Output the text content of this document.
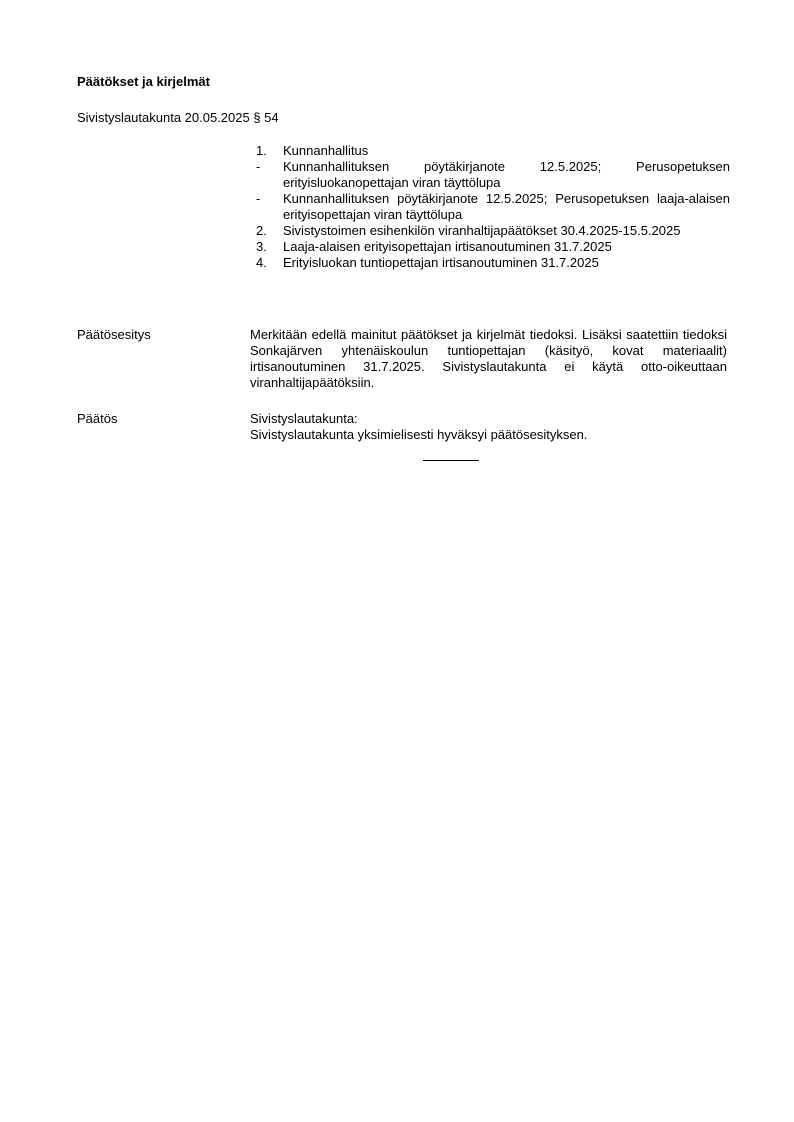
Päätökset ja kirjelmät
Sivistyslautakunta 20.05.2025 § 54
1. Kunnanhallitus
- Kunnanhallituksen pöytäkirjanote 12.5.2025; Perusopetuksen erityisluokanopettajan viran täyttölupa
- Kunnanhallituksen pöytäkirjanote 12.5.2025; Perusopetuksen laaja-alaisen erityisopettajan viran täyttölupa
2. Sivistystoimen esihenkilön viranhaltijapäätökset 30.4.2025-15.5.2025
3. Laaja-alaisen erityisopettajan irtisanoutuminen 31.7.2025
4. Erityisluokan tuntiopettajan irtisanoutuminen 31.7.2025
Päätösesitys	Merkitään edellä mainitut päätökset ja kirjelmät tiedoksi. Lisäksi saatettiin tiedoksi Sonkajärven yhtenäiskoulun tuntiopettajan (käsityö, kovat materiaalit) irtisanoutuminen 31.7.2025. Sivistyslautakunta ei käytä otto-oikeuttaan viranhaltijapäätöksiin.
Päätös	Sivistyslautakunta:
Sivistyslautakunta yksimielisesti hyväksyi päätösesityksen.
